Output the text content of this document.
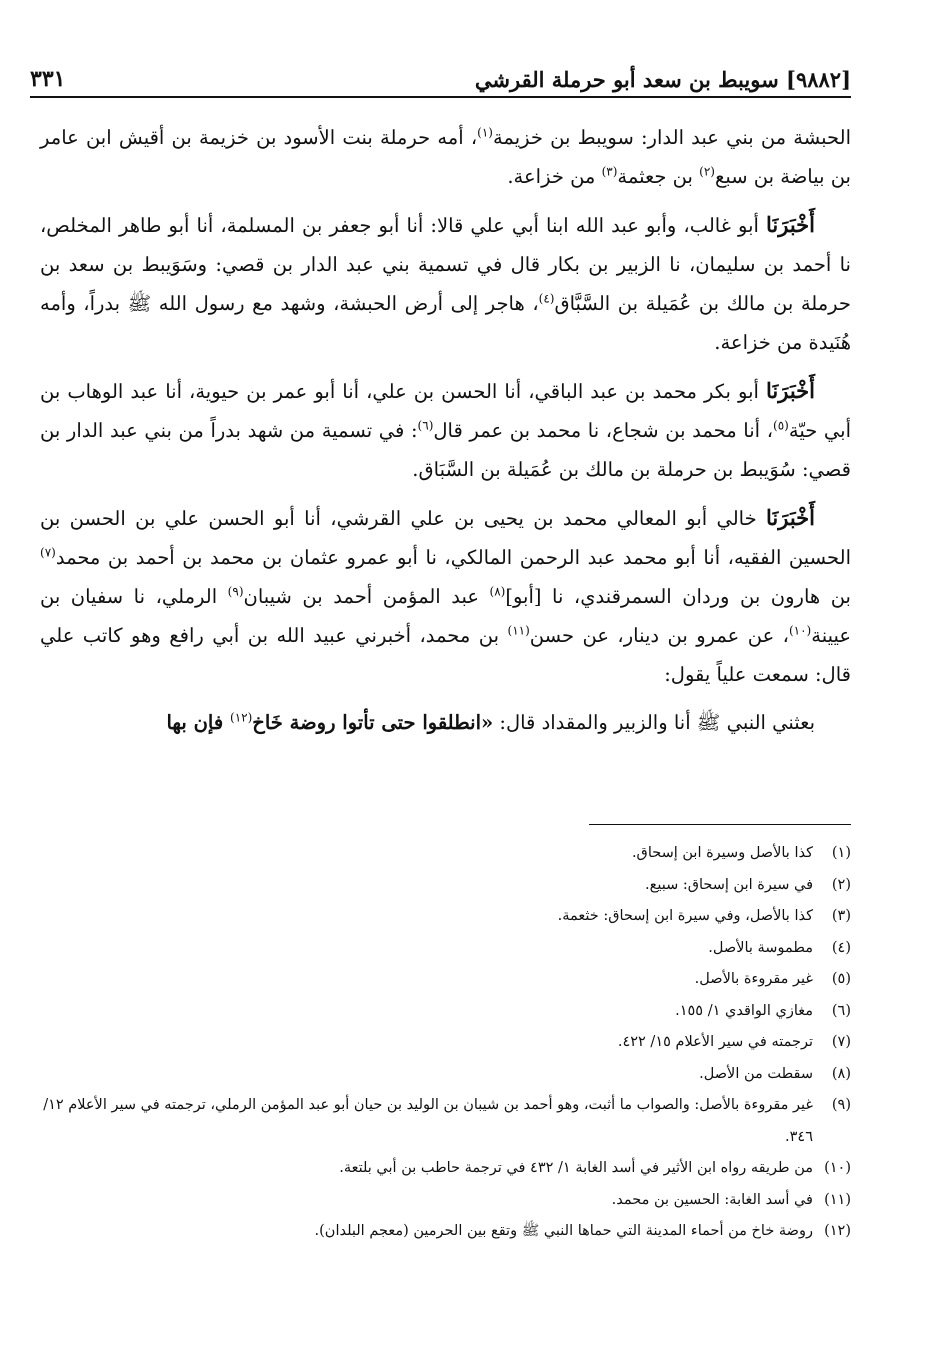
[٩٨٨٢] سويبط بن سعد أبو حرملة القرشي
٣٣١

الحبشة من بني عبد الدار: سويبط بن خزيمة$^{(١)}$، أمه حرملة بنت الأسود بن خزيمة بن أقيش ابن عامر بن بياضة بن سبع$^{(٢)}$ بن جعثمة$^{(٣)}$ من خزاعة.

أَخْبَرَنَا أبو غالب، وأبو عبد الله ابنا أبي علي قالا: أنا أبو جعفر بن المسلمة، أنا أبو طاهر المخلص، نا أحمد بن سليمان، نا الزبير بن بكار قال في تسمية بني عبد الدار بن قصي: وسَوَيبط بن سعد بن حرملة بن مالك بن عُمَيلة بن السَّبَّاق$^{(٤)}$، هاجر إلى أرض الحبشة، وشهد مع رسول الله ﷺ بدراً، وأمه هُنَيدة من خزاعة.

أَخْبَرَنَا أبو بكر محمد بن عبد الباقي، أنا الحسن بن علي، أنا أبو عمر بن حيوية، أنا عبد الوهاب بن أبي حيّة$^{(٥)}$، أنا محمد بن شجاع، نا محمد بن عمر قال$^{(٦)}$: في تسمية من شهد بدراً من بني عبد الدار بن قصي: سُوَيبط بن حرملة بن مالك بن عُمَيلة بن السَّبَاق.

أَخْبَرَنَا خالي أبو المعالي محمد بن يحيى بن علي القرشي، أنا أبو الحسن علي بن الحسن بن الحسين الفقيه، أنا أبو محمد عبد الرحمن المالكي، نا أبو عمرو عثمان بن محمد بن أحمد بن محمد$^{(٧)}$ بن هارون بن وردان السمرقندي، نا [أبو]$^{(٨)}$ عبد المؤمن أحمد بن شيبان$^{(٩)}$ الرملي، نا سفيان بن عيينة$^{(١٠)}$، عن عمرو بن دينار، عن حسن$^{(١١)}$ بن محمد، أخبرني عبيد الله بن أبي رافع وهو كاتب علي قال: سمعت علياً يقول:

بعثني النبي ﷺ أنا والزبير والمقداد قال: «انطلقوا حتى تأتوا روضة خَاخ$^{(١٢)}$ فإن بها

(١)
كذا بالأصل وسيرة ابن إسحاق.
(٢)
في سيرة ابن إسحاق: سبيع.
(٣)
كذا بالأصل، وفي سيرة ابن إسحاق: خثعمة.
(٤)
مطموسة بالأصل.
(٥)
غير مقروءة بالأصل.
(٦)
مغازي الواقدي ١/ ١٥٥.
(٧)
ترجمته في سير الأعلام ١٥/ ٤٢٢.
(٨)
سقطت من الأصل.
(٩)
غير مقروءة بالأصل: والصواب ما أثبت، وهو أحمد بن شيبان بن الوليد بن حيان أبو عبد المؤمن الرملي، ترجمته في سير الأعلام ١٢/ ٣٤٦.
(١٠)
من طريقه رواه ابن الأثير في أسد الغابة ١/ ٤٣٢ في ترجمة حاطب بن أبي بلتعة.
(١١)
في أسد الغابة: الحسين بن محمد.
(١٢)
روضة خاخ من أحماء المدينة التي حماها النبي ﷺ وتقع بين الحرمين (معجم البلدان).
